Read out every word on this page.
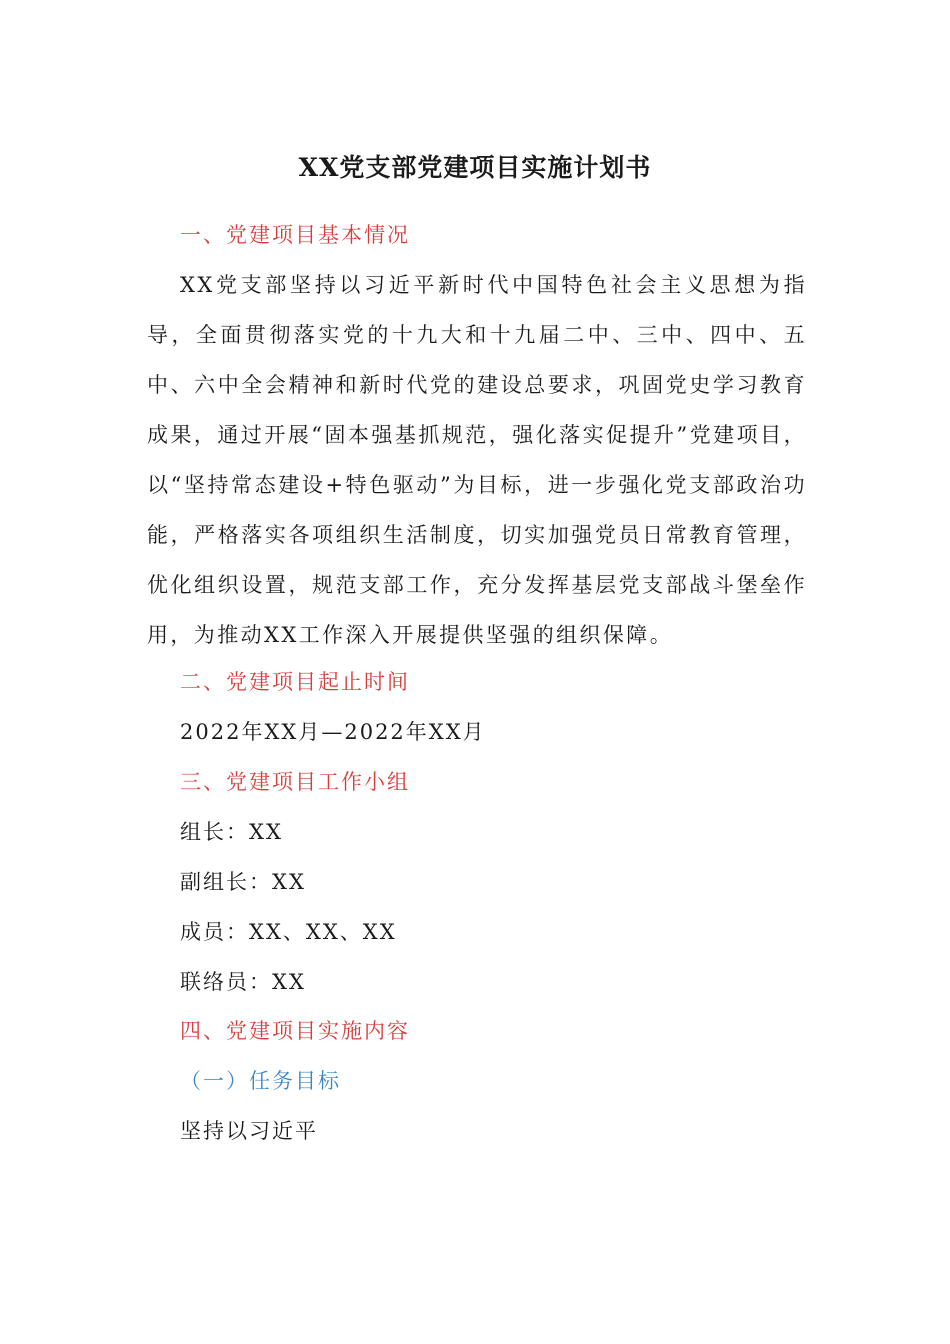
XX党支部党建项目实施计划书
一、党建项目基本情况
XX党支部坚持以习近平新时代中国特色社会主义思想为指导，全面贯彻落实党的十九大和十九届二中、三中、四中、五中、六中全会精神和新时代党的建设总要求，巩固党史学习教育成果，通过开展“固本强基抓规范，强化落实促提升”党建项目，以“坚持常态建设+特色驱动”为目标，进一步强化党支部政治功能，严格落实各项组织生活制度，切实加强党员日常教育管理，优化组织设置，规范支部工作，充分发挥基层党支部战斗堡垒作用，为推动XX工作深入开展提供坚强的组织保障。
二、党建项目起止时间
2022年XX月—2022年XX月
三、党建项目工作小组
组长：XX
副组长：XX
成员：XX、XX、XX
联络员：XX
四、党建项目实施内容
（一）任务目标
坚持以习近平
